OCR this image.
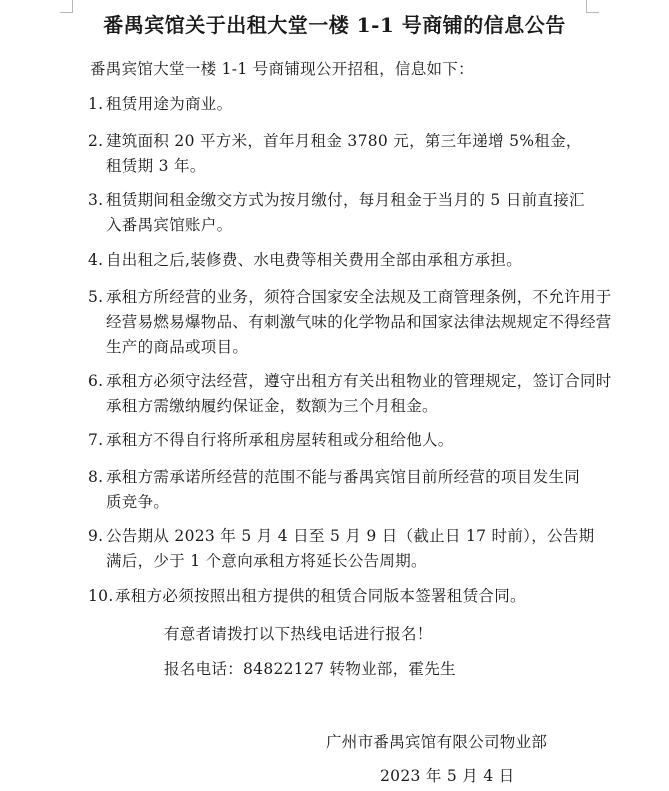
番禺宾馆关于出租大堂一楼 1-1 号商铺的信息公告
番禺宾馆大堂一楼 1-1 号商铺现公开招租，信息如下：
1. 租赁用途为商业。
2. 建筑面积 20 平方米，首年月租金 3780 元，第三年递增 5%租金，租赁期 3 年。
3. 租赁期间租金缴交方式为按月缴付，每月租金于当月的 5 日前直接汇入番禺宾馆账户。
4. 自出租之后,装修费、水电费等相关费用全部由承租方承担。
5. 承租方所经营的业务，须符合国家安全法规及工商管理条例，不允许用于经营易燃易爆物品、有刺激气味的化学物品和国家法律法规规定不得经营生产的商品或项目。
6. 承租方必须守法经营，遵守出租方有关出租物业的管理规定，签订合同时承租方需缴纳履约保证金，数额为三个月租金。
7. 承租方不得自行将所承租房屋转租或分租给他人。
8. 承租方需承诺所经营的范围不能与番禺宾馆目前所经营的项目发生同质竞争。
9. 公告期从 2023 年 5 月 4 日至 5 月 9 日（截止日 17 时前），公告期满后，少于 1 个意向承租方将延长公告周期。
10. 承租方必须按照出租方提供的租赁合同版本签署租赁合同。
有意者请拨打以下热线电话进行报名！
报名电话：84822127 转物业部，霍先生
广州市番禺宾馆有限公司物业部
2023 年 5 月 4 日
